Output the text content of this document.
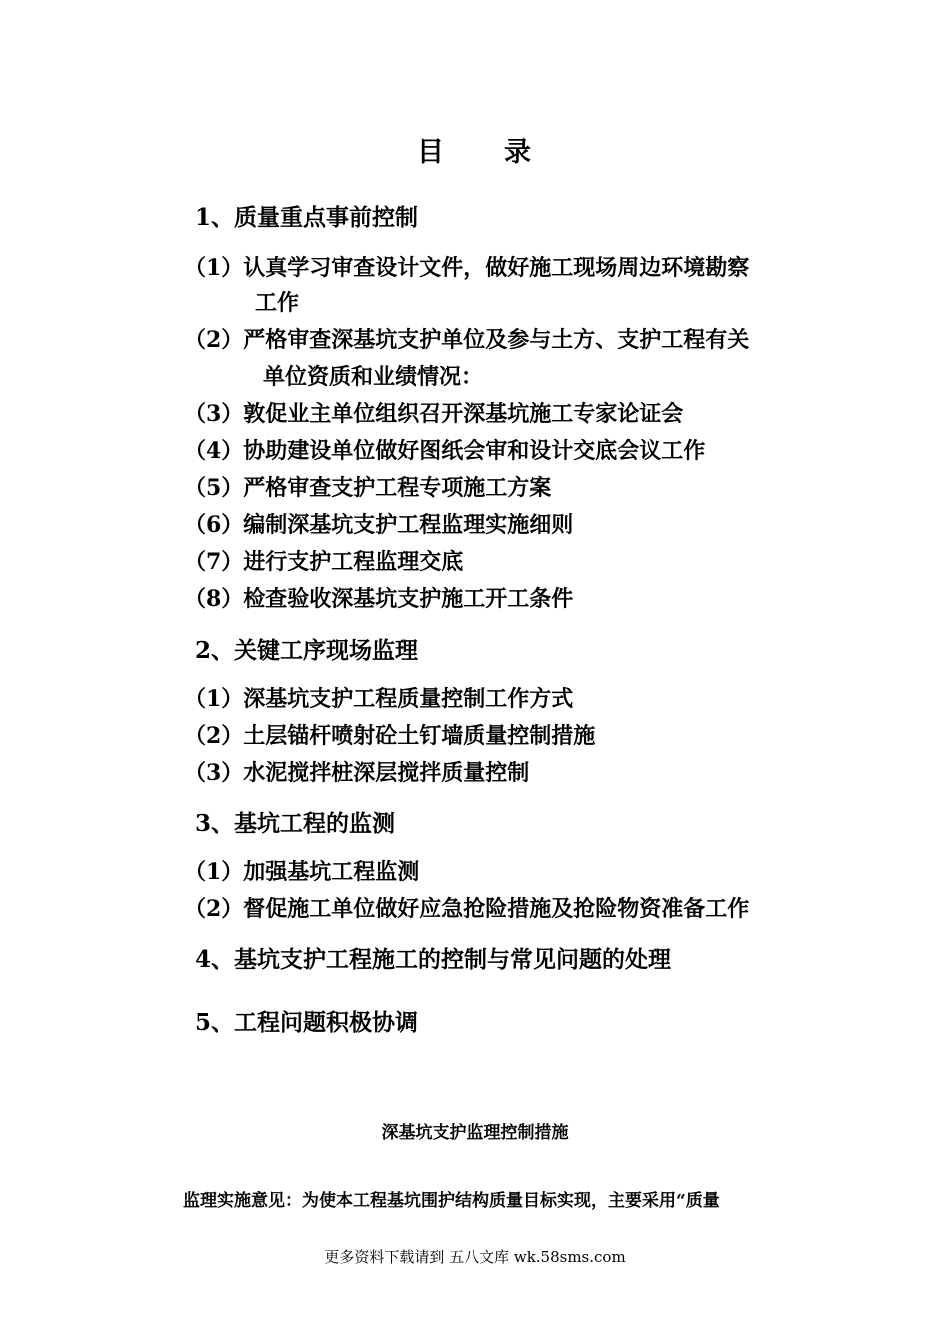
目 录
1、质量重点事前控制
（1）认真学习审查设计文件，做好施工现场周边环境勘察
工作
（2）严格审查深基坑支护单位及参与土方、支护工程有关
单位资质和业绩情况：
（3）敦促业主单位组织召开深基坑施工专家论证会
（4）协助建设单位做好图纸会审和设计交底会议工作
（5）严格审查支护工程专项施工方案
（6）编制深基坑支护工程监理实施细则
（7）进行支护工程监理交底
（8）检查验收深基坑支护施工开工条件
2、关键工序现场监理
（1）深基坑支护工程质量控制工作方式
（2）土层锚杆喷射砼土钉墙质量控制措施
（3）水泥搅拌桩深层搅拌质量控制
3、基坑工程的监测
（1）加强基坑工程监测
（2）督促施工单位做好应急抢险措施及抢险物资准备工作
4、基坑支护工程施工的控制与常见问题的处理
5、工程问题积极协调
深基坑支护监理控制措施
监理实施意见：为使本工程基坑围护结构质量目标实现，主要采用“质量
更多资料下载请到 五八文库 wk.58sms.com
